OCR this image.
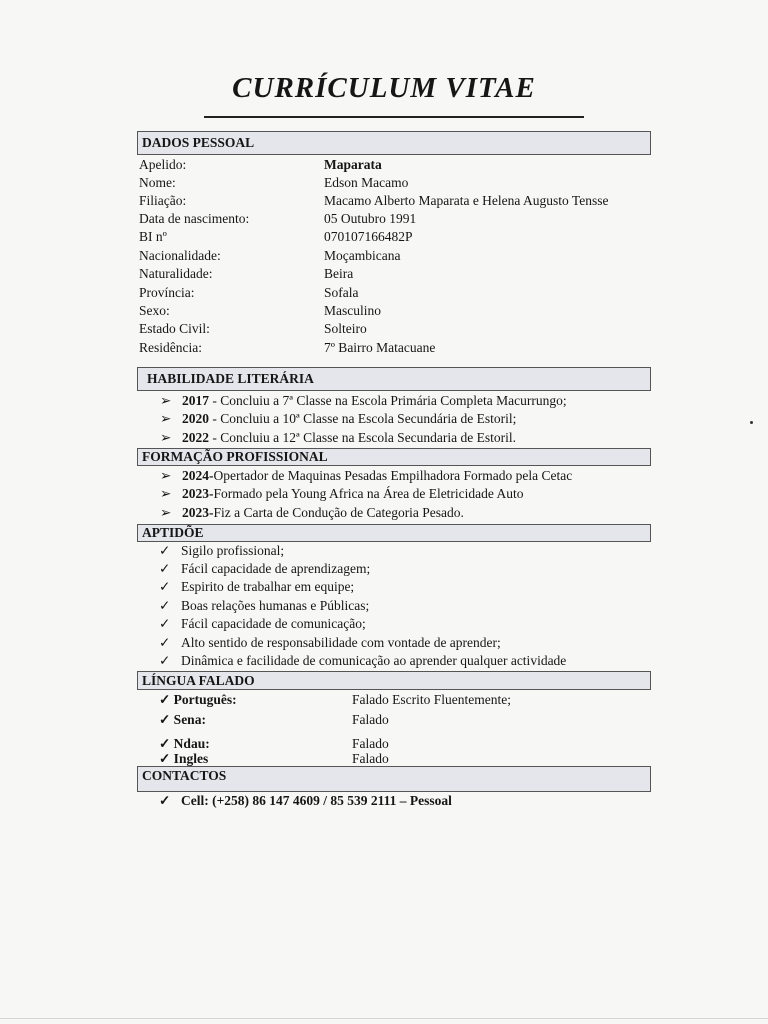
CURRÍCULUM VITAE
DADOS PESSOAL
Apelido:	Maparata
Nome:	Edson Macamo
Filiação:	Macamo Alberto Maparata e Helena Augusto Tensse
Data de nascimento:	05 Outubro 1991
BI nº	070107166482P
Nacionalidade:	Moçambicana
Naturalidade:	Beira
Província:	Sofala
Sexo:	Masculino
Estado Civil:	Solteiro
Residência:	7º Bairro Matacuane
HABILIDADE LITERÁRIA
➢ 2017 - Concluiu a 7ª Classe na Escola Primária Completa Macurrungo;
➢ 2020 - Concluiu a 10ª Classe na Escola Secundária de Estoril;
➢ 2022 - Concluiu a 12ª Classe na Escola Secundaria de Estoril.
FORMAÇÃO PROFISSIONAL
➢ 2024-Opertador de Maquinas Pesadas Empilhadora Formado pela Cetac
➢ 2023-Formado pela Young Africa na Área de Eletricidade Auto
➢ 2023-Fiz a Carta de Condução de Categoria Pesado.
APTIDÕE
✓ Sigilo profissional;
✓ Fácil capacidade de aprendizagem;
✓ Espirito de trabalhar em equipe;
✓ Boas relações humanas e Públicas;
✓ Fácil capacidade de comunicação;
✓ Alto sentido de responsabilidade com vontade de aprender;
✓ Dinâmica e facilidade de comunicação ao aprender qualquer actividade
LÍNGUA FALADO
✓ Português:	Falado Escrito Fluentemente;
✓ Sena:	Falado
✓ Ndau:	Falado
✓ Ingles	Falado
CONTACTOS
✓ Cell: (+258) 86 147 4609 / 85 539 2111 – Pessoal
